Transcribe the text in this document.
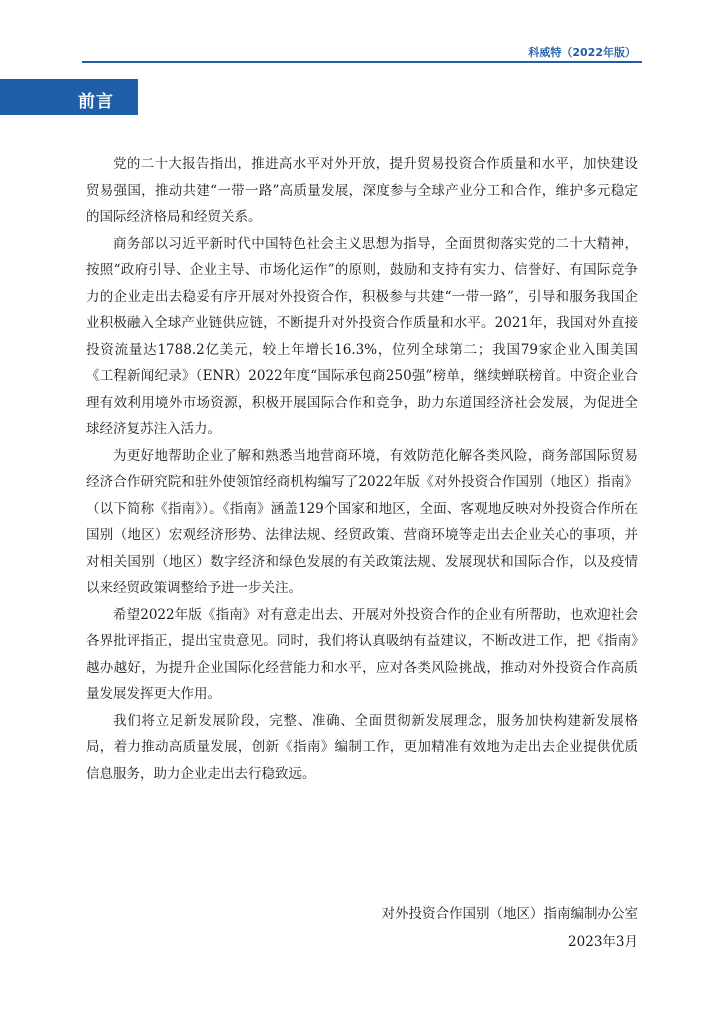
科威特（2022年版）
前言

党的二十大报告指出，推进高水平对外开放，提升贸易投资合作质量和水平，加快建设贸易强国，推动共建“一带一路”高质量发展，深度参与全球产业分工和合作，维护多元稳定的国际经济格局和经贸关系。

商务部以习近平新时代中国特色社会主义思想为指导，全面贯彻落实党的二十大精神，按照“政府引导、企业主导、市场化运作”的原则，鼓励和支持有实力、信誉好、有国际竞争力的企业走出去稳妥有序开展对外投资合作，积极参与共建“一带一路”，引导和服务我国企业积极融入全球产业链供应链，不断提升对外投资合作质量和水平。2021年，我国对外直接投资流量达1788.2亿美元，较上年增长16.3%，位列全球第二；我国79家企业入围美国《工程新闻纪录》（ENR）2022年度“国际承包商250强”榜单，继续蝉联榜首。中资企业合理有效利用境外市场资源，积极开展国际合作和竞争，助力东道国经济社会发展，为促进全球经济复苏注入活力。

为更好地帮助企业了解和熟悉当地营商环境，有效防范化解各类风险，商务部国际贸易经济合作研究院和驻外使领馆经商机构编写了2022年版《对外投资合作国别（地区）指南》（以下简称《指南》）。《指南》涵盖129个国家和地区，全面、客观地反映对外投资合作所在国别（地区）宏观经济形势、法律法规、经贸政策、营商环境等走出去企业关心的事项，并对相关国别（地区）数字经济和绿色发展的有关政策法规、发展现状和国际合作，以及疫情以来经贸政策调整给予进一步关注。

希望2022年版《指南》对有意走出去、开展对外投资合作的企业有所帮助，也欢迎社会各界批评指正，提出宝贵意见。同时，我们将认真吸纳有益建议，不断改进工作，把《指南》越办越好，为提升企业国际化经营能力和水平，应对各类风险挑战，推动对外投资合作高质量发展发挥更大作用。

我们将立足新发展阶段，完整、准确、全面贯彻新发展理念，服务加快构建新发展格局，着力推动高质量发展，创新《指南》编制工作，更加精准有效地为走出去企业提供优质信息服务，助力企业走出去行稳致远。

对外投资合作国别（地区）指南编制办公室
2023年3月
